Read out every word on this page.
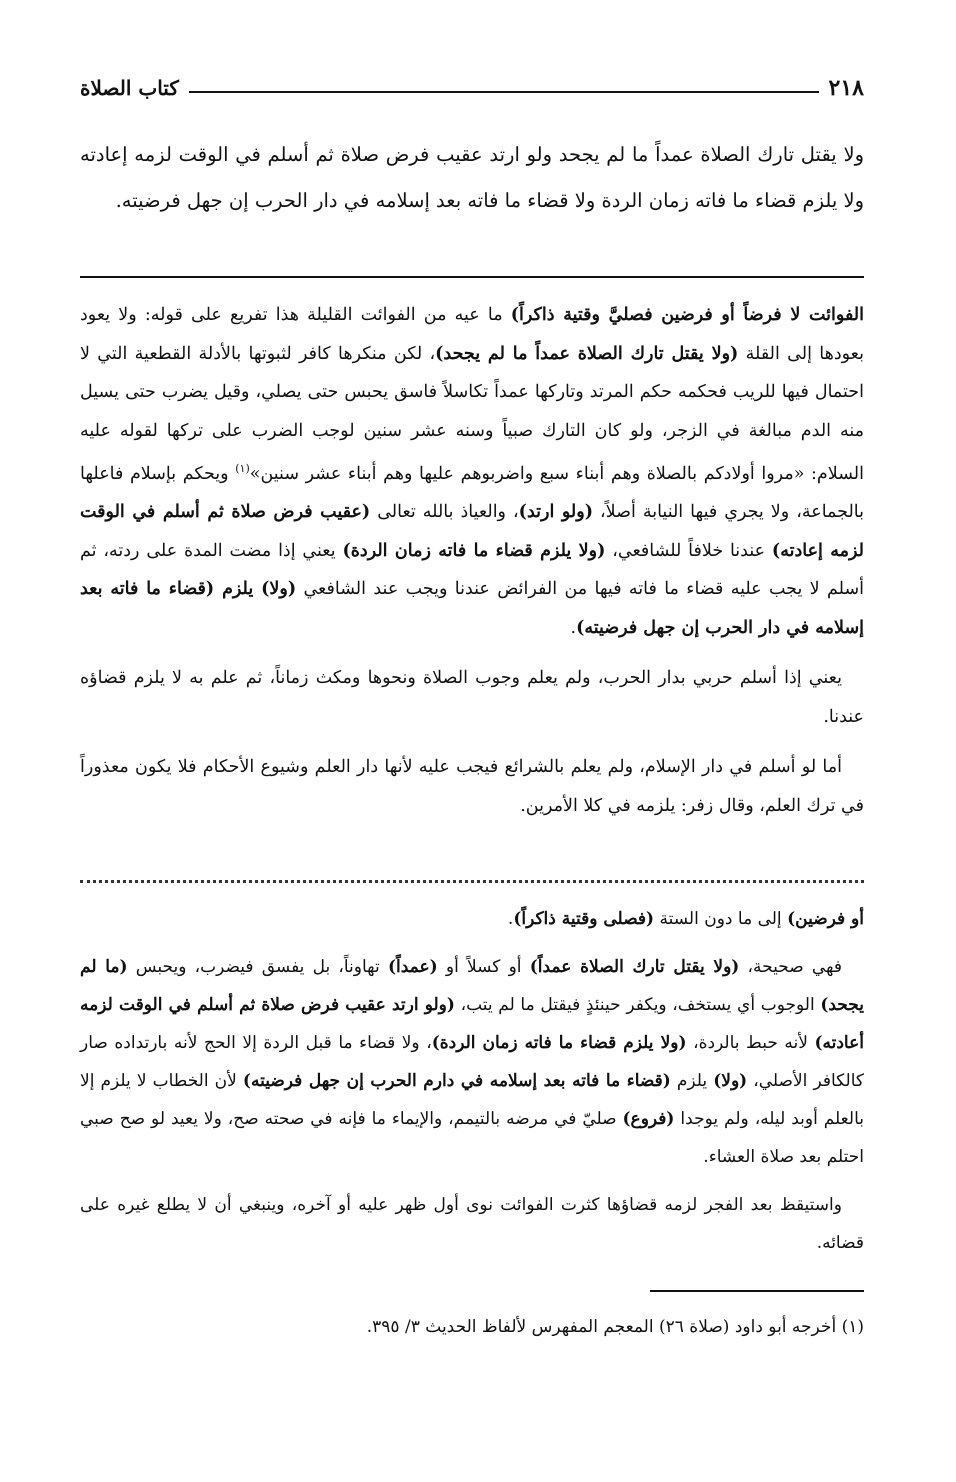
٢١٨
كتاب الصلاة

ولا يقتل تارك الصلاة عمداً ما لم يجحد ولو ارتد عقيب فرض صلاة ثم أسلم في الوقت لزمه إعادته ولا يلزم قضاء ما فاته زمان الردة ولا قضاء ما فاته بعد إسلامه في دار الحرب إن جهل فرضيته.

الفوائت لا فرضاً أو فرضين فصليَّ وقتية ذاكراً) ما عيه من الفوائت القليلة هذا تفريع على قوله: ولا يعود بعودها إلى القلة (ولا يقتل تارك الصلاة عمداً ما لم يجحد)، لكن منكرها كافر لثبوتها بالأدلة القطعية التي لا احتمال فيها للريب فحكمه حكم المرتد وتاركها عمداً تكاسلاً فاسق يحبس حتى يصلي، وقيل يضرب حتى يسيل منه الدم مبالغة في الزجر، ولو كان التارك صبياً وسنه عشر سنين لوجب الضرب على تركها لقوله عليه السلام: «مروا أولادكم بالصلاة وهم أبناء سبع واضربوهم عليها وهم أبناء عشر سنين»$^{(١)}$ ويحكم بإسلام فاعلها بالجماعة، ولا يجري فيها النيابة أصلاً، (ولو ارتد)، والعياذ بالله تعالى (عقيب فرض صلاة ثم أسلم في الوقت لزمه إعادته) عندنا خلافاً للشافعي، (ولا يلزم قضاء ما فاته زمان الردة) يعني إذا مضت المدة على ردته، ثم أسلم لا يجب عليه قضاء ما فاته فيها من الفرائض عندنا ويجب عند الشافعي (ولا) يلزم (قضاء ما فاته بعد إسلامه في دار الحرب إن جهل فرضيته).

يعني إذا أسلم حربي بدار الحرب، ولم يعلم وجوب الصلاة ونحوها ومكث زماناً، ثم علم به لا يلزم قضاؤه عندنا.

أما لو أسلم في دار الإسلام، ولم يعلم بالشرائع فيجب عليه لأنها دار العلم وشيوع الأحكام فلا يكون معذوراً في ترك العلم، وقال زفر: يلزمه في كلا الأمرين.

أو فرضين) إلى ما دون الستة (فصلى وقتية ذاكراً).

فهي صحيحة، (ولا يقتل تارك الصلاة عمداً) أو كسلاً أو (عمداً) تهاوناً، بل يفسق فيضرب، ويحبس (ما لم يجحد) الوجوب أي يستخف، ويكفر حينئذٍ فيقتل ما لم يتب، (ولو ارتد عقيب فرض صلاة ثم أسلم في الوقت لزمه أعادته) لأنه حبط بالردة، (ولا يلزم قضاء ما فاته زمان الردة)، ولا قضاء ما قبل الردة إلا الحج لأنه بارتداده صار كالكافر الأصلي، (ولا) يلزم (قضاء ما فاته بعد إسلامه في دارم الحرب إن جهل فرضيته) لأن الخطاب لا يلزم إلا بالعلم أوبد ليله، ولم يوجدا (فروع) صليّ في مرضه بالتيمم، والإيماء ما فإنه في صحته صح، ولا يعيد لو صح صبي احتلم بعد صلاة العشاء.

واستيقظ بعد الفجر لزمه قضاؤها كثرت الفوائت نوى أول ظهر عليه أو آخره، وينبغي أن لا يطلع غيره على قضائه.

(١) أخرجه أبو داود (صلاة ٢٦) المعجم المفهرس لألفاظ الحديث ٣/ ٣٩٥.
